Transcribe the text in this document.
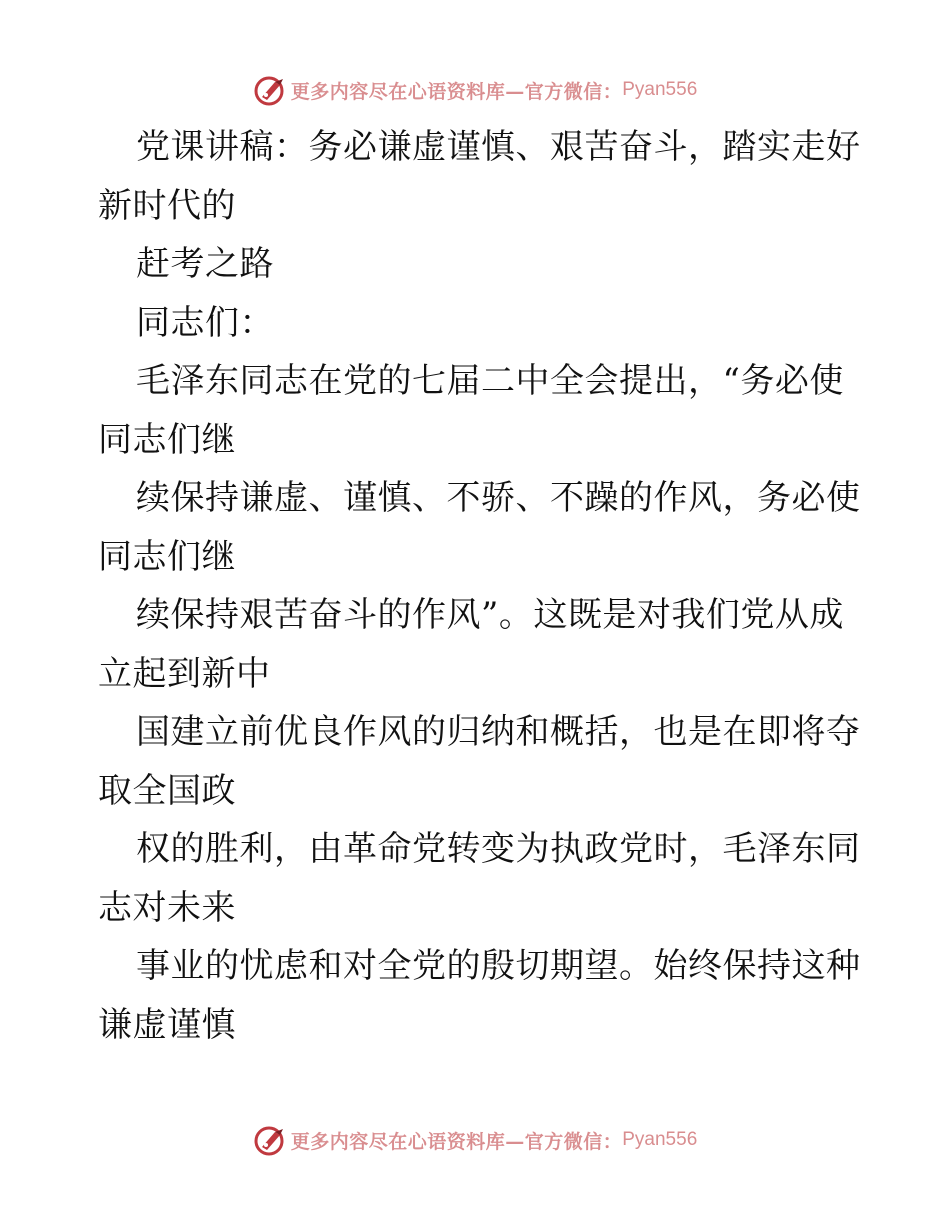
更多内容尽在心语资料库—官方微信： Pyan556
党课讲稿：务必谦虚谨慎、艰苦奋斗，踏实走好
新时代的
赶考之路
同志们：
毛泽东同志在党的七届二中全会提出，“务必使
同志们继
续保持谦虚、谨慎、不骄、不躁的作风，务必使
同志们继
续保持艰苦奋斗的作风”。这既是对我们党从成
立起到新中
国建立前优良作风的归纳和概括，也是在即将夺
取全国政
权的胜利，由革命党转变为执政党时，毛泽东同
志对未来
事业的忧虑和对全党的殷切期望。始终保持这种
谦虚谨慎
更多内容尽在心语资料库—官方微信： Pyan556
